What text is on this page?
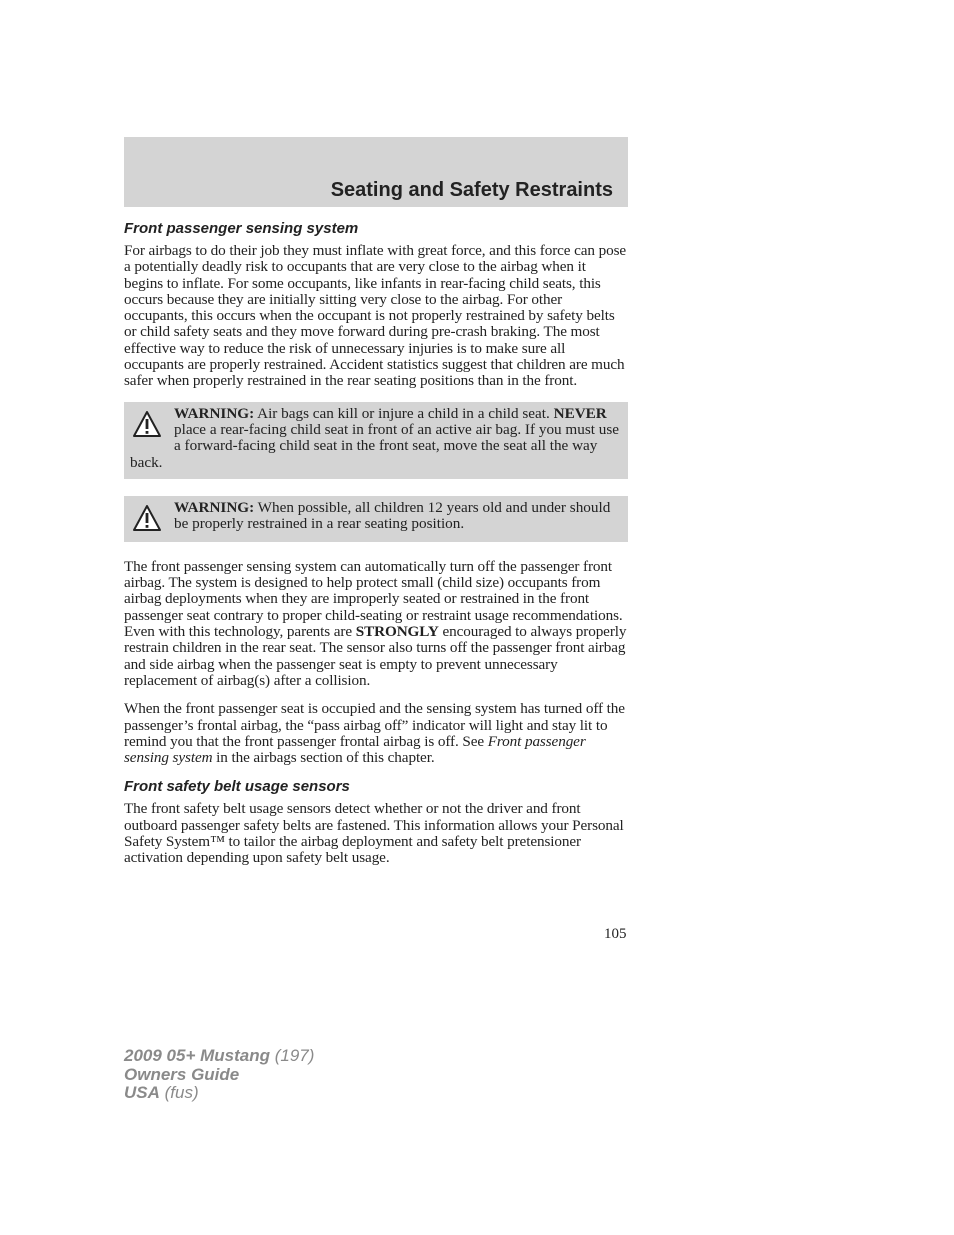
Seating and Safety Restraints
Front passenger sensing system

For airbags to do their job they must inflate with great force, and this force can pose a potentially deadly risk to occupants that are very close to the airbag when it begins to inflate. For some occupants, like infants in rear-facing child seats, this occurs because they are initially sitting very close to the airbag. For other occupants, this occurs when the occupant is not properly restrained by safety belts or child safety seats and they move forward during pre-crash braking. The most effective way to reduce the risk of unnecessary injuries is to make sure all occupants are properly restrained. Accident statistics suggest that children are much safer when properly restrained in the rear seating positions than in the front.

WARNING: Air bags can kill or injure a child in a child seat. NEVER place a rear-facing child seat in front of an active air bag. If you must use a forward-facing child seat in the front seat, move the seat all the way back.
WARNING: When possible, all children 12 years old and under should be properly restrained in a rear seating position.

The front passenger sensing system can automatically turn off the passenger front airbag. The system is designed to help protect small (child size) occupants from airbag deployments when they are improperly seated or restrained in the front passenger seat contrary to proper child-seating or restraint usage recommendations. Even with this technology, parents are STRONGLY encouraged to always properly restrain children in the rear seat. The sensor also turns off the passenger front airbag and side airbag when the passenger seat is empty to prevent unnecessary replacement of airbag(s) after a collision.

When the front passenger seat is occupied and the sensing system has turned off the passenger’s frontal airbag, the “pass airbag off” indicator will light and stay lit to remind you that the front passenger frontal airbag is off. See Front passenger sensing system in the airbags section of this chapter.

Front safety belt usage sensors

The front safety belt usage sensors detect whether or not the driver and front outboard passenger safety belts are fastened. This information allows your Personal Safety System™ to tailor the airbag deployment and safety belt pretensioner activation depending upon safety belt usage.

105
2009 05+ Mustang (197)
Owners Guide
USA (fus)
